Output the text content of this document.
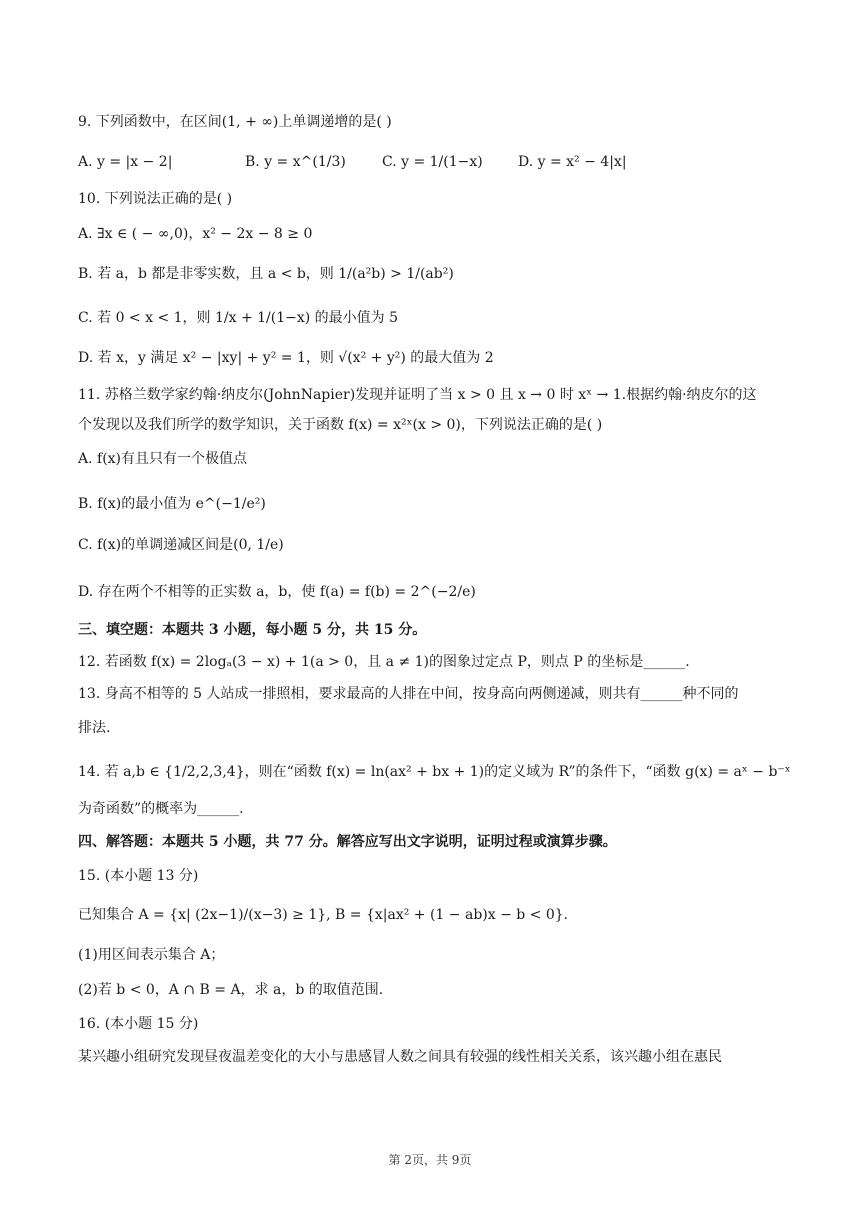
9. 下列函数中，在区间(1, + ∞)上单调递增的是( )
A. y = |x − 2|	B. y = x^(1/3)	C. y = 1/(1−x)	D. y = x² − 4|x|
10. 下列说法正确的是( )
A. ∃x ∈ ( − ∞,0)，x² − 2x − 8 ≥ 0
B. 若 a，b 都是非零实数，且 a < b，则 1/(a²b) > 1/(ab²)
C. 若 0 < x < 1，则 1/x + 1/(1−x) 的最小值为 5
D. 若 x，y 满足 x² − |xy| + y² = 1，则 √(x² + y²) 的最大值为 2
11. 苏格兰数学家约翰·纳皮尔(JohnNapier)发现并证明了当 x > 0 且 x → 0 时 xˣ → 1.根据约翰·纳皮尔的这
个发现以及我们所学的数学知识，关于函数 f(x) = x²ˣ(x > 0)，下列说法正确的是( )
A. f(x)有且只有一个极值点
B. f(x)的最小值为 e^(−1/e²)
C. f(x)的单调递减区间是(0, 1/e)
D. 存在两个不相等的正实数 a，b，使 f(a) = f(b) = 2^(−2/e)
三、填空题：本题共 3 小题，每小题 5 分，共 15 分。
12. 若函数 f(x) = 2logₐ(3 − x) + 1(a > 0，且 a ≠ 1)的图象过定点 P，则点 P 的坐标是______.
13. 身高不相等的 5 人站成一排照相，要求最高的人排在中间，按身高向两侧递减，则共有______种不同的
排法.
14. 若 a,b ∈ {1/2,2,3,4}，则在“函数 f(x) = ln(ax² + bx + 1)的定义域为 R”的条件下，“函数 g(x) = aˣ − b⁻ˣ
为奇函数”的概率为______.
四、解答题：本题共 5 小题，共 77 分。解答应写出文字说明，证明过程或演算步骤。
15. (本小题 13 分)
已知集合 A = {x| (2x−1)/(x−3) ≥ 1}, B = {x|ax² + (1 − ab)x − b < 0}.
(1)用区间表示集合 A；
(2)若 b < 0，A ∩ B = A，求 a，b 的取值范围.
16. (本小题 15 分)
某兴趣小组研究发现昼夜温差变化的大小与患感冒人数之间具有较强的线性相关关系，该兴趣小组在惠民
第 2页，共 9页
